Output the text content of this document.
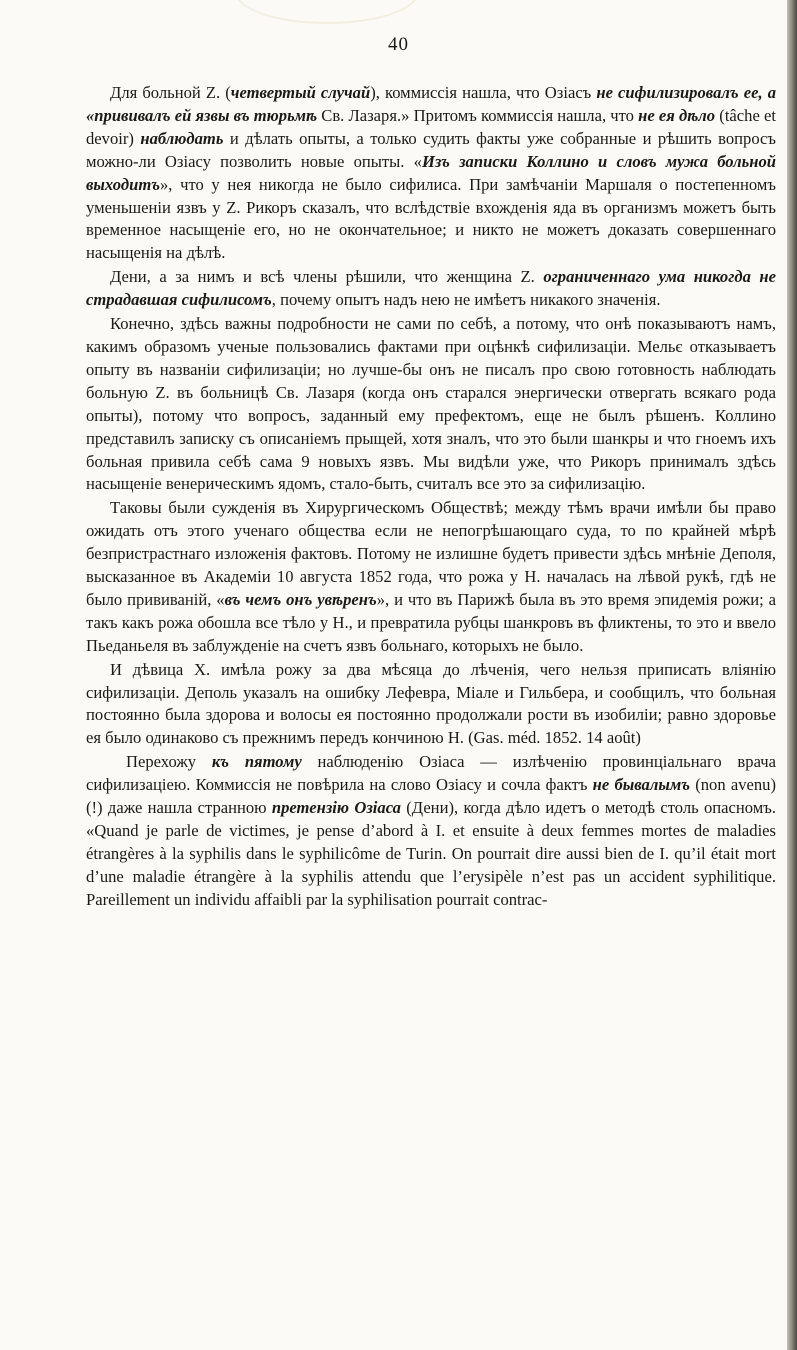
40

Для больной Z. (четвертый случай), коммиссія нашла, что Озіасъ не сифилизировалъ ее, а «прививалъ ей язвы въ тюрьмѣ Св. Лазаря.» Притомъ коммиссія нашла, что не ея дѣло (tâche et devoir) наблюдать и дѣлать опыты, а только судить факты уже собранные и рѣшить вопросъ можно-ли Озіасу позволить новые опыты. «Изъ записки Коллино и словъ мужа больной выходитъ», что у нея никогда не было сифилиса. При замѣчаніи Маршаля о постепенномъ уменьшеніи язвъ у Z. Рикоръ сказалъ, что вслѣдствіе вхожденія яда въ организмъ можетъ быть временное насыщеніе его, но не окончательное; и никто не можетъ доказать совершеннаго насыщенія на дѣлѣ.

Дени, а за нимъ и всѣ члены рѣшили, что женщина Z. ограниченнаго ума никогда не страдавшая сифилисомъ, почему опытъ надъ нею не имѣетъ никакого значенія.

Конечно, здѣсь важны подробности не сами по себѣ, а потому, что онѣ показываютъ намъ, какимъ образомъ ученые пользовались фактами при оцѣнкѣ сифилизаціи. Мельє отказываетъ опыту въ названіи сифилизаціи; но лучше-бы онъ не писалъ про свою готовность наблюдать больную Z. въ больницѣ Св. Лазаря (когда онъ старался энергически отвергать всякаго рода опыты), потому что вопросъ, заданный ему префектомъ, еще не былъ рѣшенъ. Коллино представилъ записку съ описаніемъ прыщей, хотя зналъ, что это были шанкры и что гноемъ ихъ больная привила себѣ сама 9 новыхъ язвъ. Мы видѣли уже, что Рикоръ принималъ здѣсь насыщеніе венерическимъ ядомъ, стало-быть, считалъ все это за сифилизацію.

Таковы были сужденія въ Хирургическомъ Обществѣ; между тѣмъ врачи имѣли бы право ожидать отъ этого ученаго общества если не непогрѣшающаго суда, то по крайней мѣрѣ безпристрастнаго изложенія фактовъ. Потому не излишне будетъ привести здѣсь мнѣніе Деполя, высказанное въ Академіи 10 августа 1852 года, что рожа у H. началась на лѣвой рукѣ, гдѣ не было прививаній, «въ чемъ онъ увѣренъ», и что въ Парижѣ была въ это время эпидемія рожи; а такъ какъ рожа обошла все тѣло у H., и превратила рубцы шанкровъ въ фликтены, то это и ввело Пьеданьеля въ заблужденіе на счетъ язвъ больнаго, которыхъ не было.

И дѣвица X. имѣла рожу за два мѣсяца до лѣченія, чего нельзя приписать вліянію сифилизаціи. Деполь указалъ на ошибку Лефевра, Міале и Гильбера, и сообщилъ, что больная постоянно была здорова и волосы ея постоянно продолжали рости въ изобиліи; равно здоровье ея было одинаково съ прежнимъ передъ кончиною H. (Gas. méd. 1852. 14 août)

Перехожу къ пятому наблюденію Озіаса — излѣченію провинціальнаго врача сифилизаціею. Коммиссія не повѣрила на слово Озіасу и сочла фактъ не бывалымъ (non avenu) (!) даже нашла странною претензію Озіаса (Дени), когда дѣло идетъ о методѣ столь опасномъ. «Quand je parle de victimes, je pense d’abord à I. et ensuite à deux femmes mortes de maladies étrangères à la syphilis dans le syphilicôme de Turin. On pourrait dire aussi bien de I. qu’il était mort d’une maladie étrangère à la syphilis attendu que l’erysipèle n’est pas un accident syphilitique. Pareillement un individu affaibli par la syphilisation pourrait contrac-
